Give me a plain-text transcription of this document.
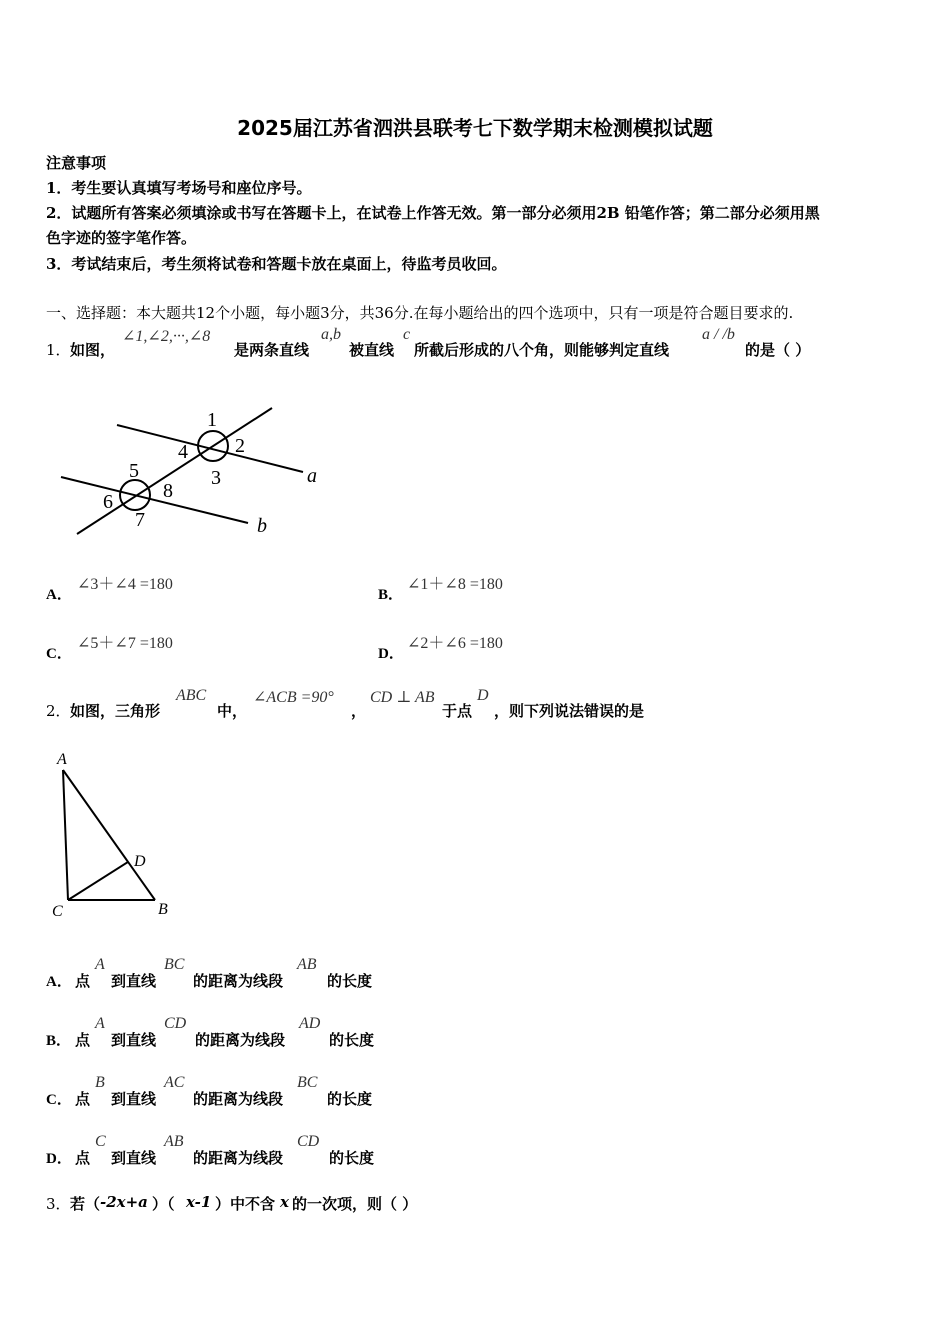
2025届江苏省泗洪县联考七下数学期末检测模拟试题
注意事项
1．考生要认真填写考场号和座位序号。
2．试题所有答案必须填涂或书写在答题卡上，在试卷上作答无效。第一部分必须用2B 铅笔作答；第二部分必须用黑
色字迹的签字笔作答。
3．考试结束后，考生须将试卷和答题卡放在桌面上，待监考员收回。
一、选择题：本大题共12个小题，每小题3分，共36分.在每小题给出的四个选项中，只有一项是符合题目要求的.
1． 如图，
∠1,∠2,···,∠8
是两条直线
a,b
被直线
c
所截后形成的八个角，则能够判定直线
a / /b
的是（ ）
1
2
3
4
5
6
7
8
a
b
A．
∠3＋∠4 =180
B．
∠1＋∠8 =180
C．
∠5＋∠7 =180
D．
∠2＋∠6 =180
2． 如图，三角形
ABC
中，
∠ACB =90°
，
CD ⊥ AB
于点
D
，则下列说法错误的是
A
B
C
D
A． 点
A
到直线
BC
的距离为线段
AB
的长度
B． 点
A
到直线
CD
的距离为线段
AD
的长度
C． 点
B
到直线
AC
的距离为线段
BC
的长度
D． 点
C
到直线
AB
的距离为线段
CD
的长度
3． 若（ -2x+a ）（ x-1 ）中不含 x 的一次项，则（ ）
